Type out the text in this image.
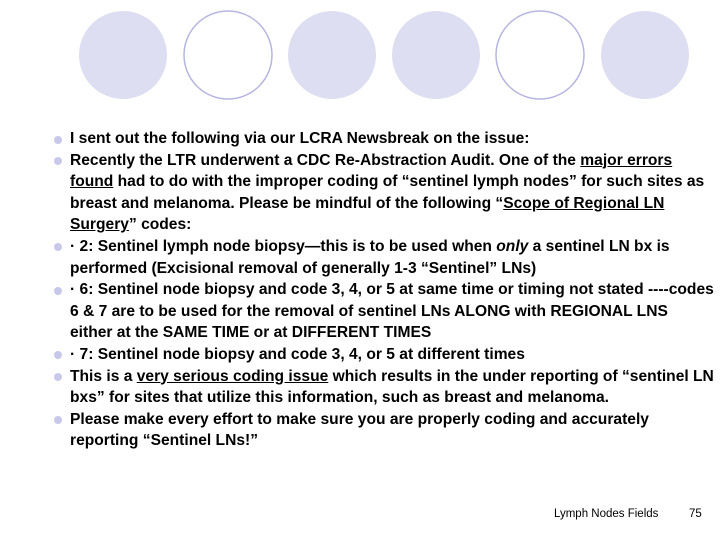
I sent out the following via our LCRA Newsbreak on the issue:
Recently the LTR underwent a CDC Re-Abstraction Audit. One of the major errors found had to do with the improper coding of “sentinel lymph nodes” for such sites as breast and melanoma. Please be mindful of the following “Scope of Regional LN Surgery” codes:
· 2: Sentinel lymph node biopsy—this is to be used when only a sentinel LN bx is performed (Excisional removal of generally 1-3 “Sentinel” LNs)
· 6: Sentinel node biopsy and code 3, 4, or 5 at same time or timing not stated ----codes 6 & 7 are to be used for the removal of sentinel LNs ALONG with REGIONAL LNS either at the SAME TIME or at DIFFERENT TIMES
· 7: Sentinel node biopsy and code 3, 4, or 5 at different times
This is a very serious coding issue which results in the under reporting of “sentinel LN bxs” for sites that utilize this information, such as breast and melanoma.
Please make every effort to make sure you are properly coding and accurately reporting “Sentinel LNs!”
Lymph Nodes Fields	75
